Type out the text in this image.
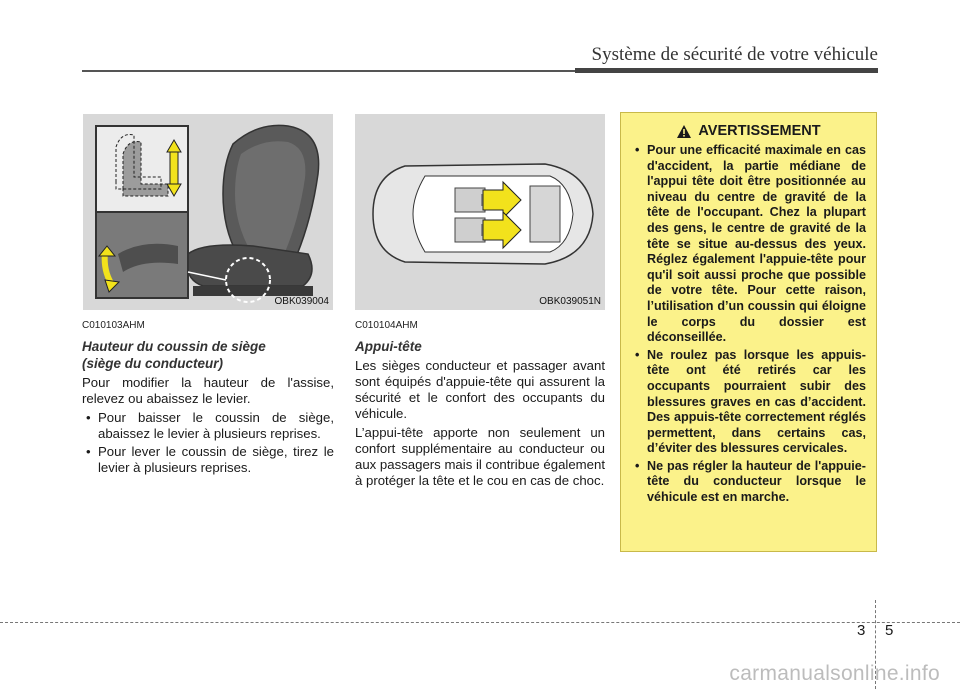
Système de sécurité de votre véhicule
OBK039004	OBK039051N
C010103AHM
Hauteur du coussin de siège
(siège du conducteur)
Pour modifier la hauteur de l'assise, relevez ou abaissez le levier.
• Pour baisser le coussin de siège, abaissez le levier à plusieurs reprises.
• Pour lever le coussin de siège, tirez le levier à plusieurs reprises.
C010104AHM
Appui-tête
Les sièges conducteur et passager avant sont équipés d'appuie-tête qui assurent la sécurité et le confort des occupants du véhicule.
L’appui-tête apporte non seulement un confort supplémentaire au conducteur ou aux passagers mais il contribue également à protéger la tête et le cou en cas de choc.
AVERTISSEMENT
• Pour une efficacité maximale en cas d'accident, la partie médiane de l'appui tête doit être positionnée au niveau du centre de gravité de la tête de l'occupant. Chez la plupart des gens, le centre de gravité de la tête se situe au-dessus des yeux. Réglez également l'appuie-tête pour qu'il soit aussi proche que possible de votre tête. Pour cette raison, l’utilisation d’un coussin qui éloigne le corps du dossier est déconseillée.
• Ne roulez pas lorsque les appuis-tête ont été retirés car les occupants pourraient subir des blessures graves en cas d’accident. Des appuis-tête correctement réglés permettent, dans certains cas, d’éviter des blessures cervicales.
• Ne pas régler la hauteur de l'appuie-tête du conducteur lorsque le véhicule est en marche.
3 5
carmanualsonline.info
